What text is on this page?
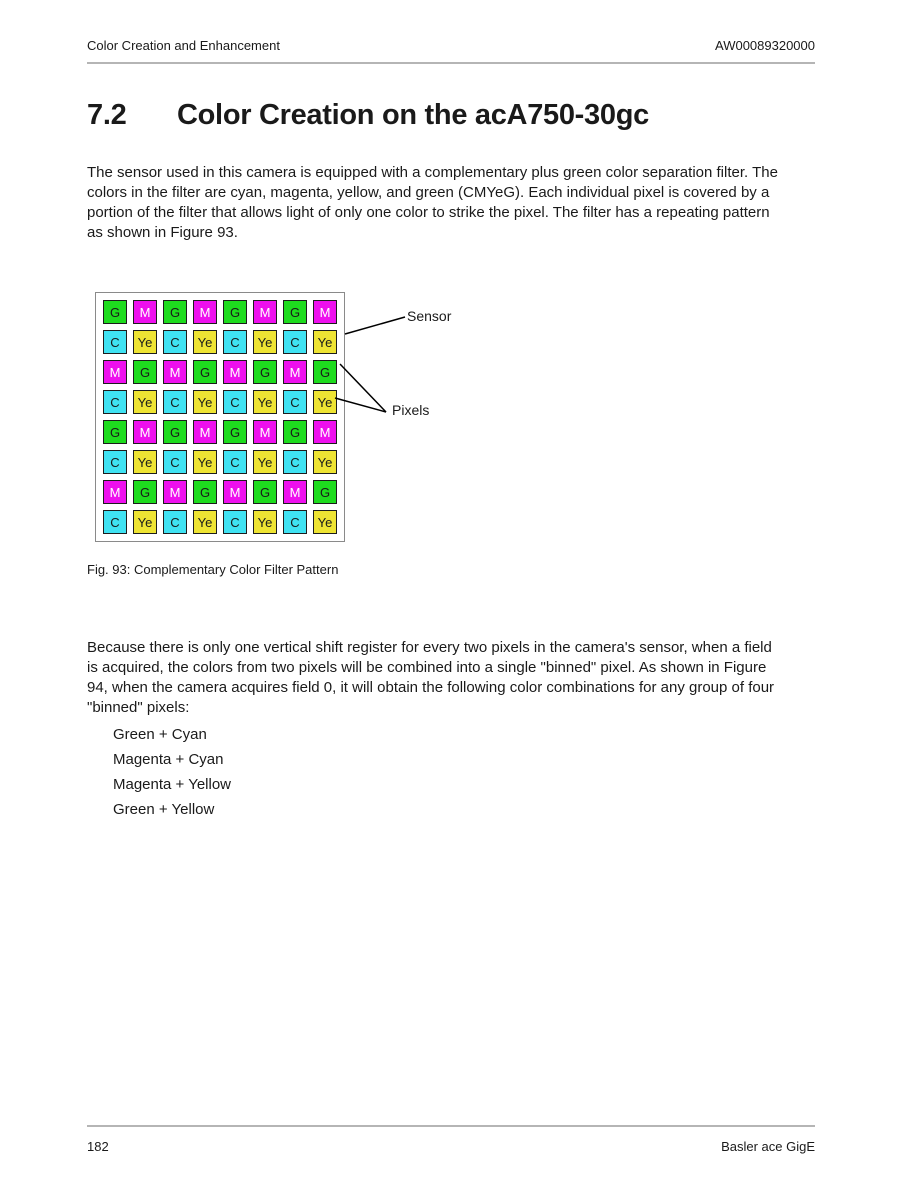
Color Creation and Enhancement	AW00089320000
7.2	Color Creation on the acA750-30gc

The sensor used in this camera is equipped with a complementary plus green color separation filter. The colors in the filter are cyan, magenta, yellow, and green (CMYeG). Each individual pixel is covered by a portion of the filter that allows light of only one color to strike the pixel. The filter has a repeating pattern as shown in Figure 93.

G	M	G	M	G	M	G	M
C	Ye	C	Ye	C	Ye	C	Ye
M	G	M	G	M	G	M	G
C	Ye	C	Ye	C	Ye	C	Ye
G	M	G	M	G	M	G	M
C	Ye	C	Ye	C	Ye	C	Ye
M	G	M	G	M	G	M	G
C	Ye	C	Ye	C	Ye	C	Ye
Sensor
Pixels

Fig. 93: Complementary Color Filter Pattern

Because there is only one vertical shift register for every two pixels in the camera's sensor, when a field is acquired, the colors from two pixels will be combined into a single "binned" pixel. As shown in Figure 94, when the camera acquires field 0, it will obtain the following color combinations for any group of four "binned" pixels:

Green + Cyan
Magenta + Cyan
Magenta + Yellow
Green + Yellow
182	Basler ace GigE
